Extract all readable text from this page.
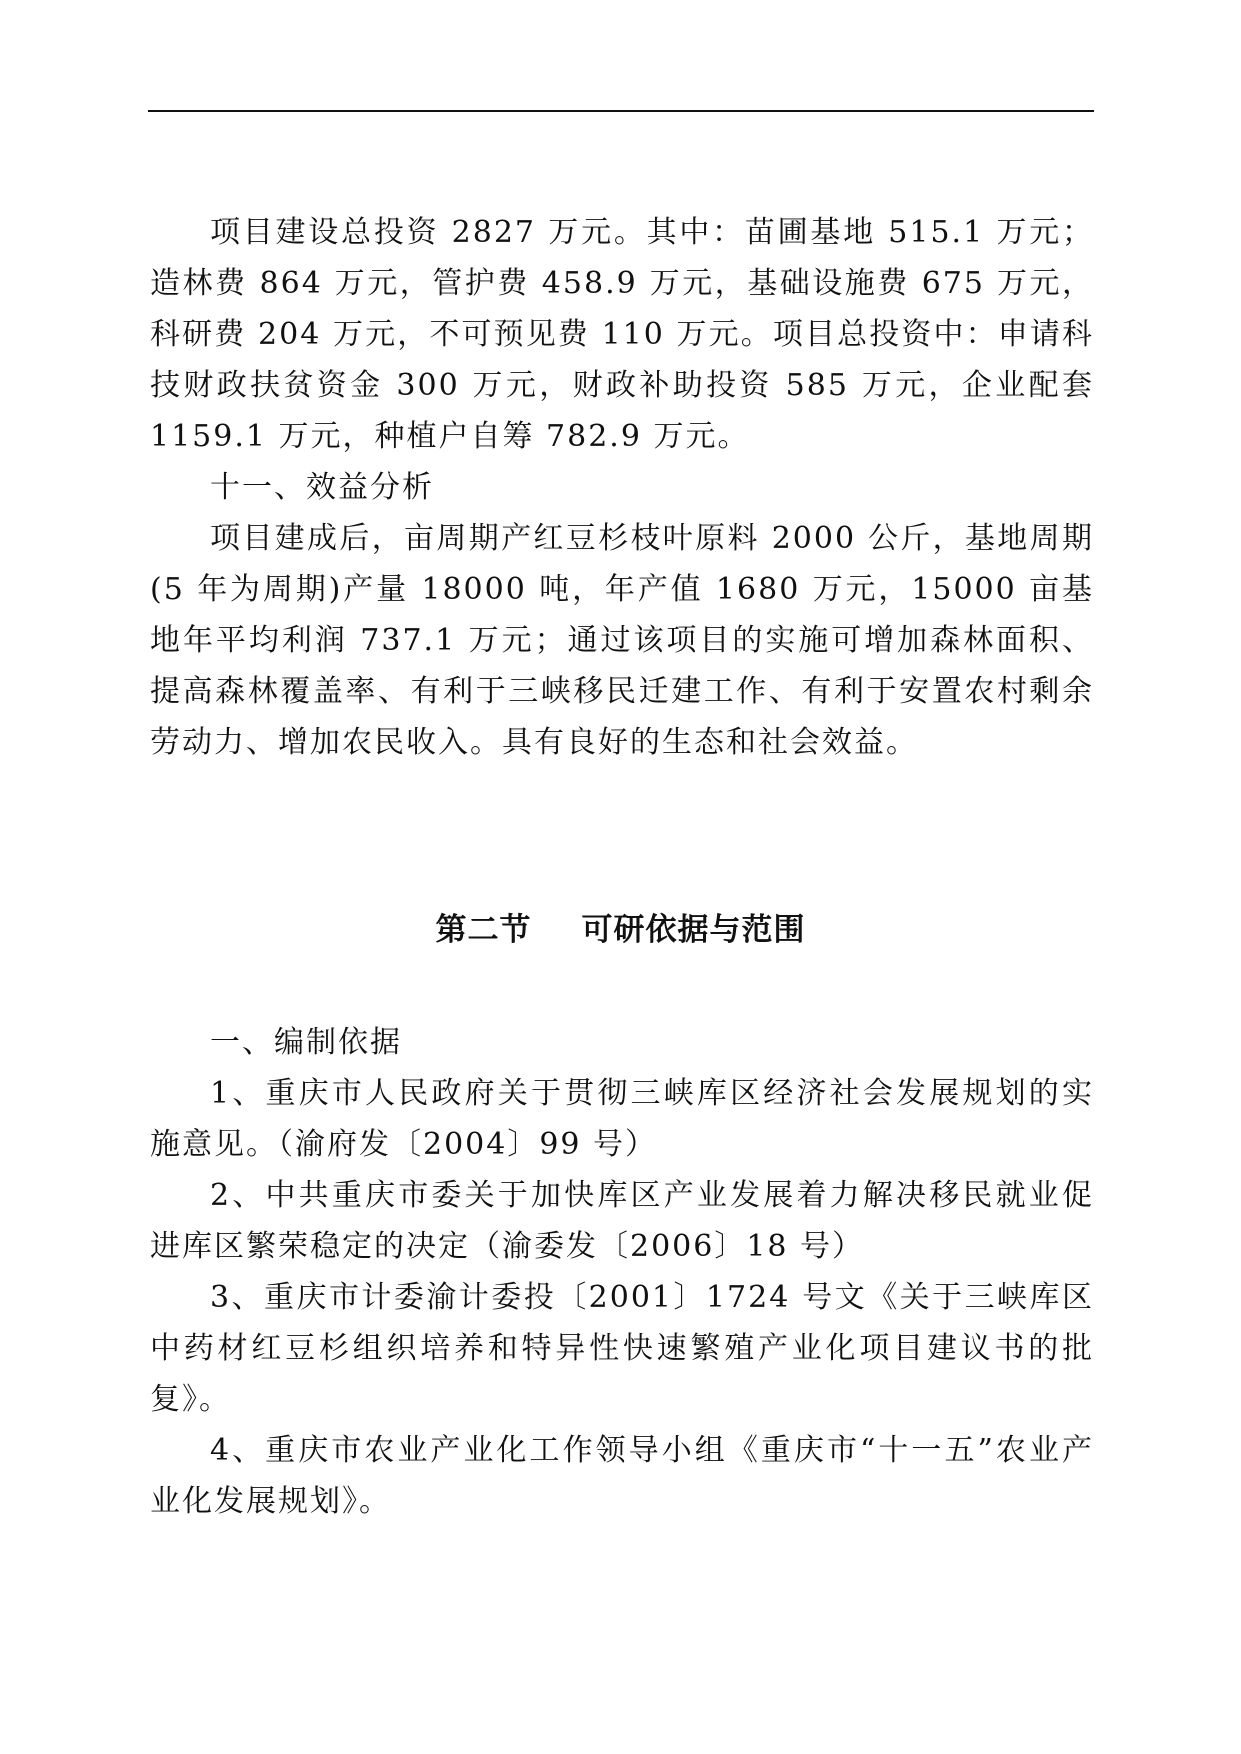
项目建设总投资 2827 万元。其中：苗圃基地 515.1 万元；造林费 864 万元，管护费 458.9 万元，基础设施费 675 万元，科研费 204 万元，不可预见费 110 万元。项目总投资中：申请科技财政扶贫资金 300 万元，财政补助投资 585 万元，企业配套 1159.1 万元，种植户自筹 782.9 万元。

十一、效益分析

项目建成后，亩周期产红豆杉枝叶原料 2000 公斤，基地周期(5 年为周期)产量 18000 吨，年产值 1680 万元，15000 亩基地年平均利润 737.1 万元；通过该项目的实施可增加森林面积、提高森林覆盖率、有利于三峡移民迁建工作、有利于安置农村剩余劳动力、增加农民收入。具有良好的生态和社会效益。

第二节 可研依据与范围

一、编制依据

1、重庆市人民政府关于贯彻三峡库区经济社会发展规划的实施意见。（渝府发〔2004〕99 号）

2、中共重庆市委关于加快库区产业发展着力解决移民就业促进库区繁荣稳定的决定（渝委发〔2006〕18 号）

3、重庆市计委渝计委投〔2001〕1724 号文《关于三峡库区中药材红豆杉组织培养和特异性快速繁殖产业化项目建议书的批复》。

4、重庆市农业产业化工作领导小组《重庆市“十一五”农业产业化发展规划》。
